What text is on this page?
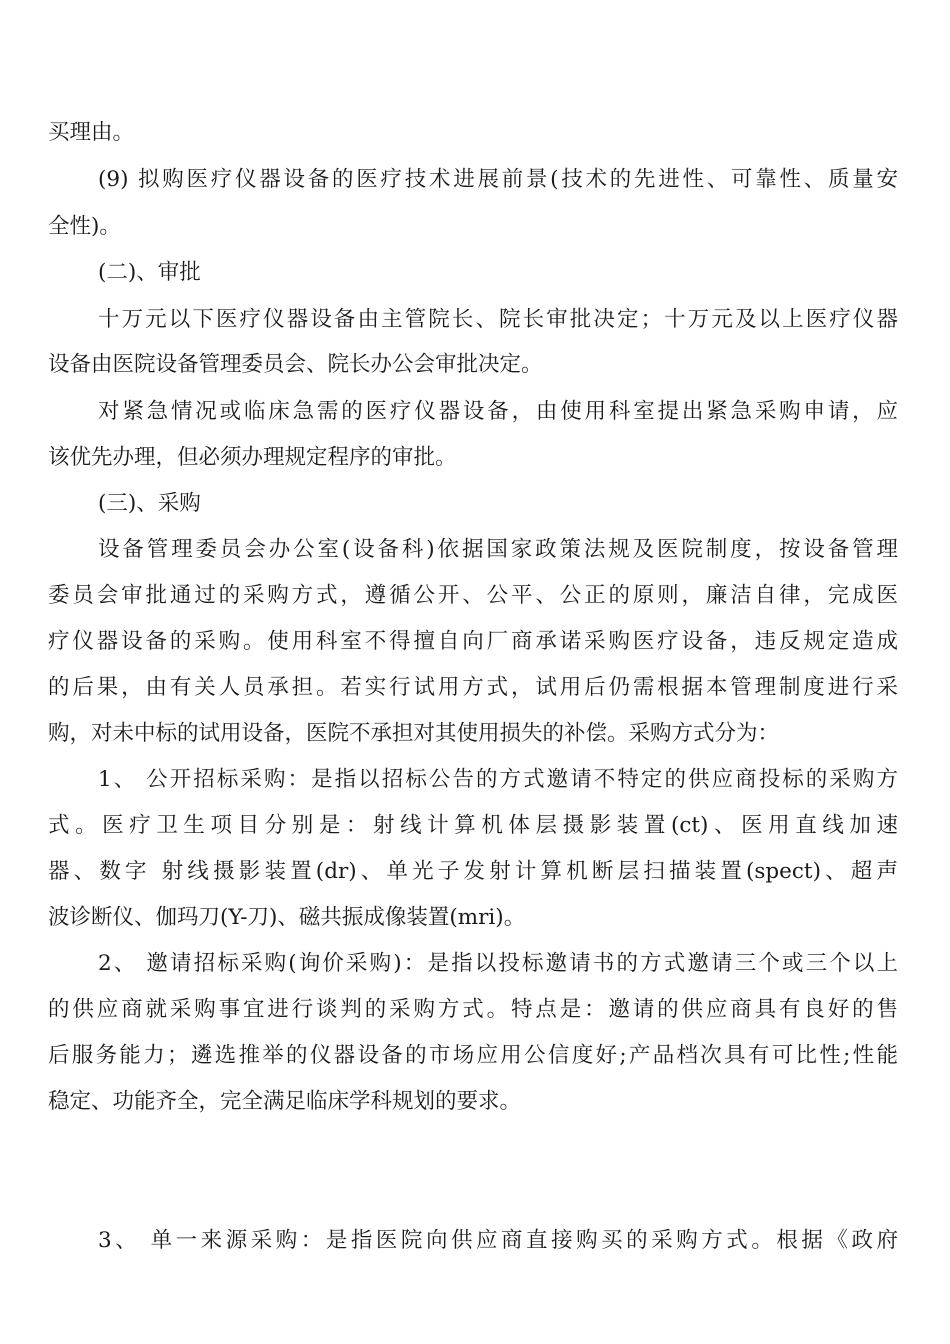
买理由。
(9) 拟购医疗仪器设备的医疗技术进展前景(技术的先进性、可靠性、质量安
全性)。
(二)、审批
十万元以下医疗仪器设备由主管院长、院长审批决定；十万元及以上医疗仪器
设备由医院设备管理委员会、院长办公会审批决定。
对紧急情况或临床急需的医疗仪器设备，由使用科室提出紧急采购申请，应
该优先办理，但必须办理规定程序的审批。
(三)、采购
设备管理委员会办公室(设备科)依据国家政策法规及医院制度，按设备管理
委员会审批通过的采购方式，遵循公开、公平、公正的原则，廉洁自律，完成医
疗仪器设备的采购。使用科室不得擅自向厂商承诺采购医疗设备，违反规定造成
的后果，由有关人员承担。若实行试用方式，试用后仍需根据本管理制度进行采
购，对未中标的试用设备，医院不承担对其使用损失的补偿。采购方式分为：
1、 公开招标采购：是指以招标公告的方式邀请不特定的供应商投标的采购方
式。医疗卫生项目分别是：射线计算机体层摄影装置(ct)、医用直线加速
器、数字 射线摄影装置(dr)、单光子发射计算机断层扫描装置(spect)、超声
波诊断仪、伽玛刀(Y-刀)、磁共振成像装置(mri)。
2、 邀请招标采购(询价采购)：是指以投标邀请书的方式邀请三个或三个以上
的供应商就采购事宜进行谈判的采购方式。特点是：邀请的供应商具有良好的售
后服务能力；遴选推举的仪器设备的市场应用公信度好;产品档次具有可比性;性能
稳定、功能齐全，完全满足临床学科规划的要求。
3、 单一来源采购：是指医院向供应商直接购买的采购方式。根据《政府
